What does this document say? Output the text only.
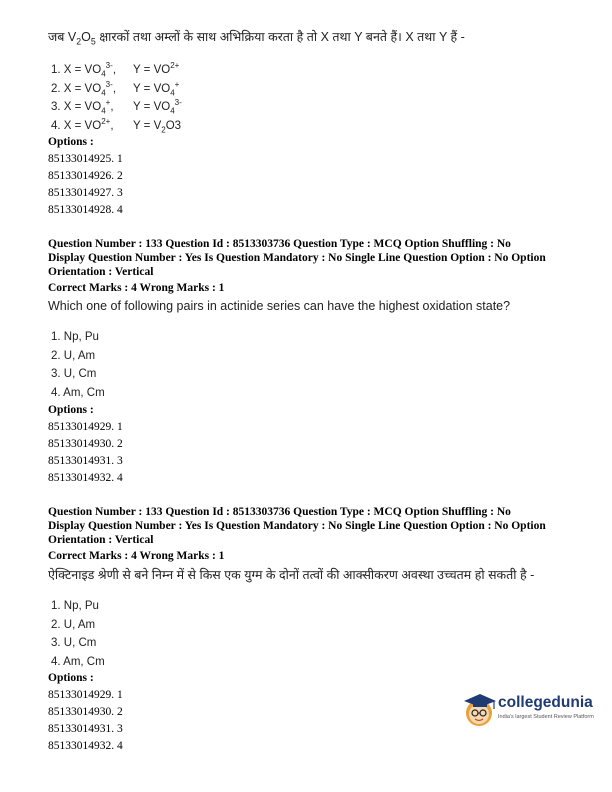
जब $V_2O_5$ क्षारकों तथा अम्लों के साथ अभिक्रिया करता है तो X तथा Y बनते हैं। X तथा Y हैं -
1. $X = VO_4^{3-}$,	$Y = VO^{2+}$
2. $X = VO_4^{3-}$,	$Y = VO_4^+$
3. $X = VO_4^+$,	$Y = VO_4^{3-}$
4. $X = VO^{2+}$,	$Y = V_2O3$
Options :
85133014925. 1
85133014926. 2
85133014927. 3
85133014928. 4
Question Number : 133 Question Id : 8513303736 Question Type : MCQ Option Shuffling : No
Display Question Number : Yes Is Question Mandatory : No Single Line Question Option : No Option
Orientation : Vertical
Correct Marks : 4 Wrong Marks : 1
Which one of following pairs in actinide series can have the highest oxidation state?
1. Np, Pu
2. U, Am
3. U, Cm
4. Am, Cm
Options :
85133014929. 1
85133014930. 2
85133014931. 3
85133014932. 4
Question Number : 133 Question Id : 8513303736 Question Type : MCQ Option Shuffling : No
Display Question Number : Yes Is Question Mandatory : No Single Line Question Option : No Option
Orientation : Vertical
Correct Marks : 4 Wrong Marks : 1
ऐक्टिनाइड श्रेणी से बने निम्न में से किस एक युग्म के दोनों तत्वों की आक्सीकरण अवस्था उच्चतम हो सकती है -
1. Np, Pu
2. U, Am
3. U, Cm
4. Am, Cm
Options :
85133014929. 1
85133014930. 2
85133014931. 3
85133014932. 4
collegedunia
India's largest Student Review Platform
